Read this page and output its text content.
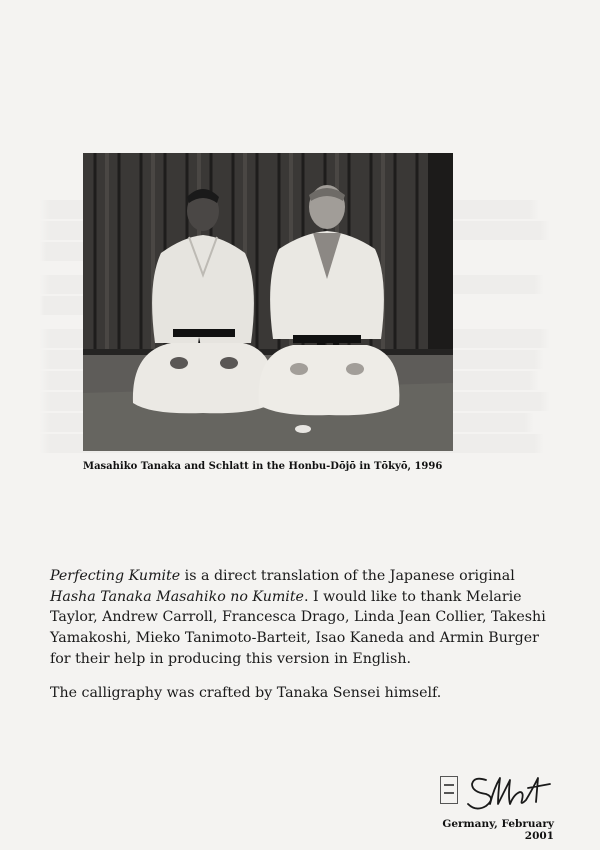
Masahiko Tanaka and Schlatt in the Honbu-Dōjō in Tōkyō, 1996

Perfecting Kumite is a direct translation of the Japanese original Hasha Tanaka Masahiko no Kumite. I would like to thank Melarie Taylor, Andrew Carroll, Francesca Drago, Linda Jean Collier, Takeshi Yamakoshi, Mieko Tanimoto-Barteit, Isao Kaneda and Armin Burger for their help in producing this version in English.

The calligraphy was crafted by Tanaka Sensei himself.

Germany, February 2001
